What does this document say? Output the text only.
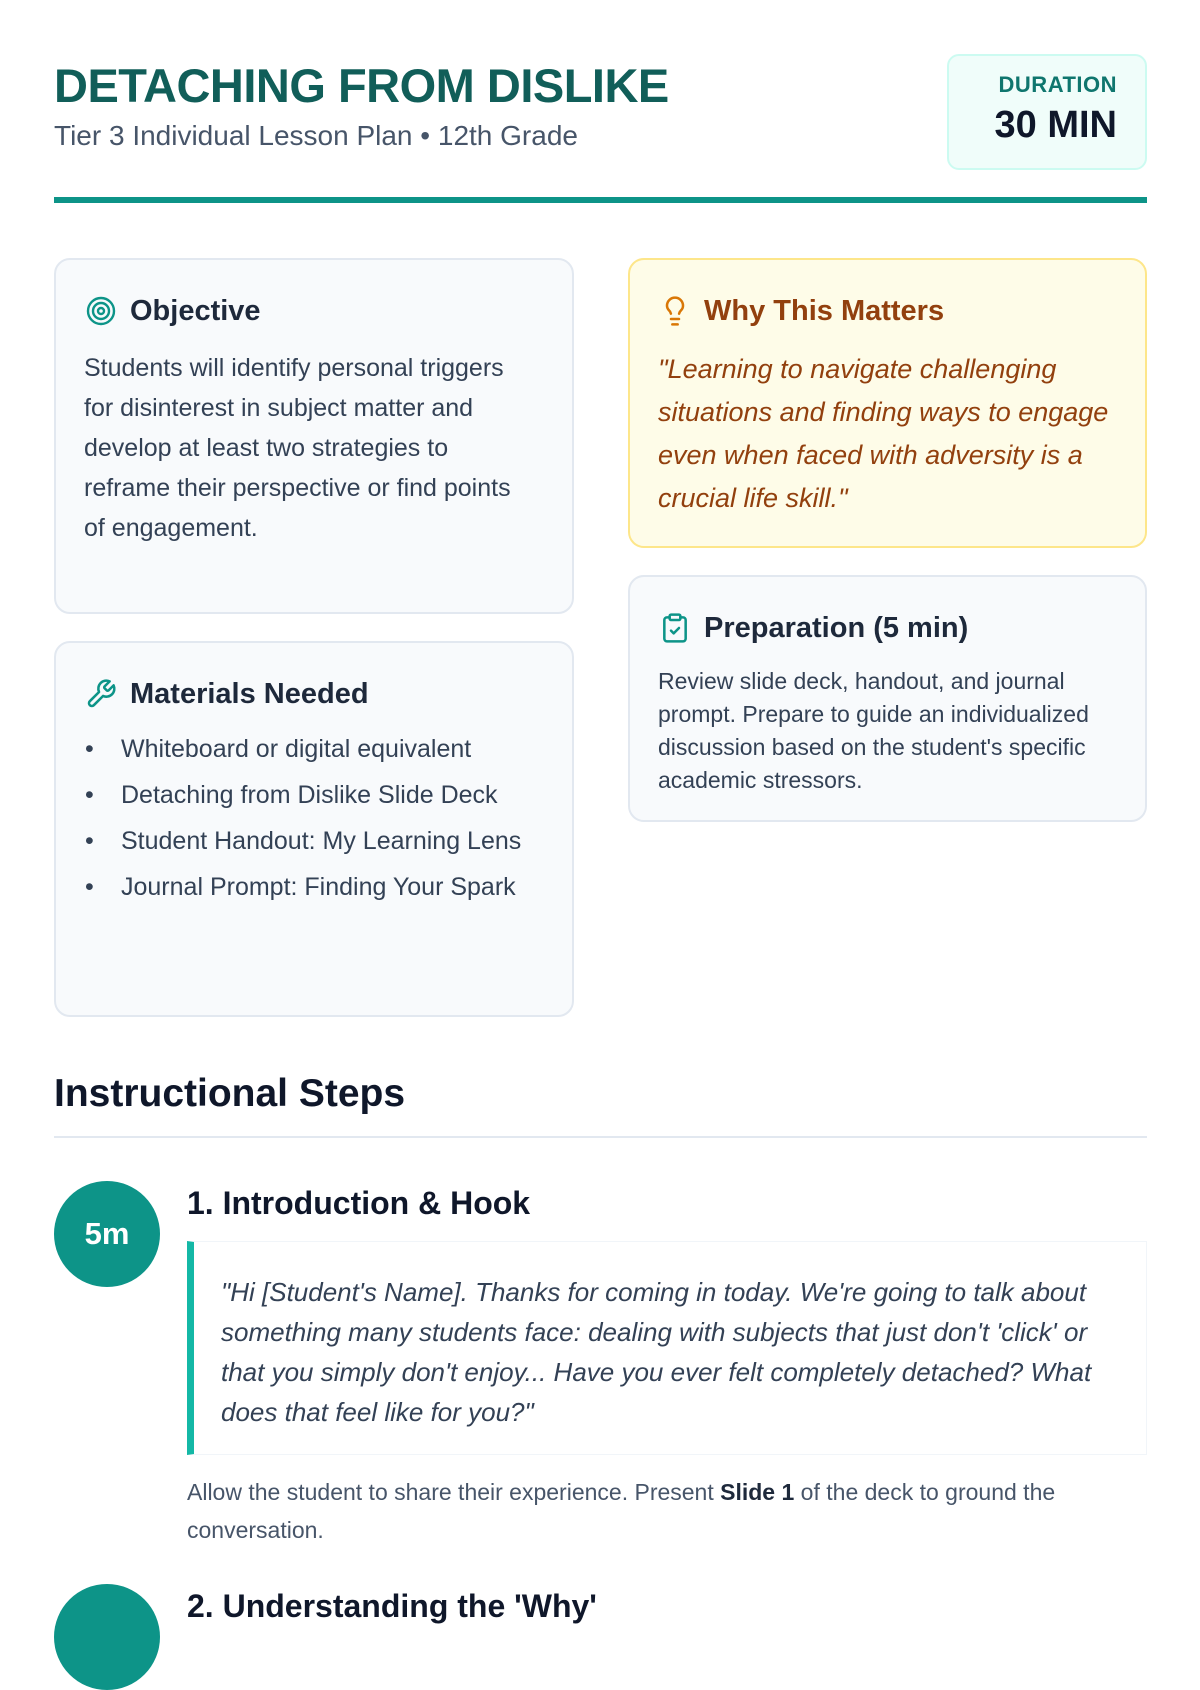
DETACHING FROM DISLIKE
Tier 3 Individual Lesson Plan • 12th Grade
DURATION
30 MIN
Objective
Students will identify personal triggers for disinterest in subject matter and develop at least two strategies to reframe their perspective or find points of engagement.
Materials Needed
• Whiteboard or digital equivalent
• Detaching from Dislike Slide Deck
• Student Handout: My Learning Lens
• Journal Prompt: Finding Your Spark
Why This Matters
"Learning to navigate challenging situations and finding ways to engage even when faced with adversity is a crucial life skill."
Preparation (5 min)
Review slide deck, handout, and journal prompt. Prepare to guide an individualized discussion based on the student's specific academic stressors.
Instructional Steps
5m
1. Introduction & Hook
"Hi [Student's Name]. Thanks for coming in today. We're going to talk about something many students face: dealing with subjects that just don't 'click' or that you simply don't enjoy... Have you ever felt completely detached? What does that feel like for you?"
Allow the student to share their experience. Present Slide 1 of the deck to ground the conversation.
2. Understanding the 'Why'
